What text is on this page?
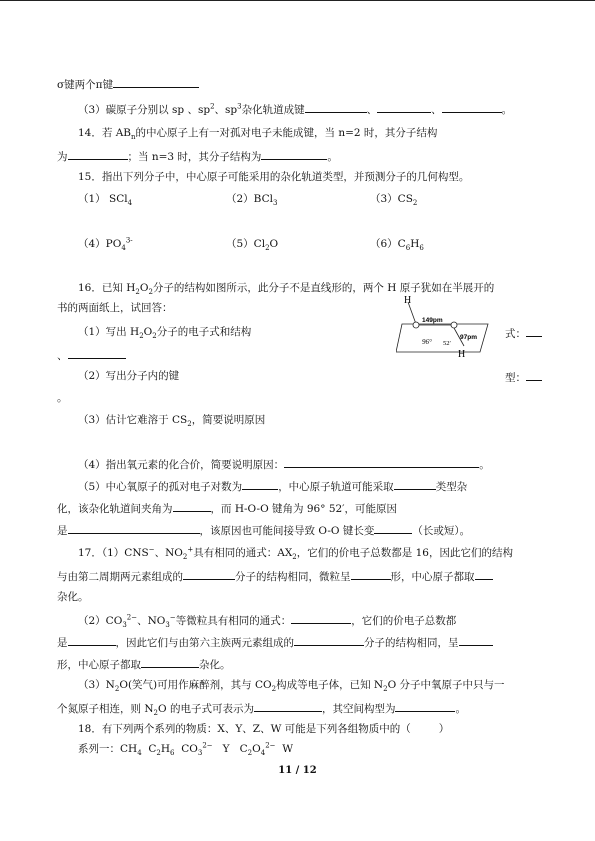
σ键两个π键
（3）碳原子分别以 sp 、$sp^2$、$sp^3$杂化轨道成键	、	、	。
14．若 $AB_n$的中心原子上有一对孤对电子未能成键，当 n=2 时，其分子结构
为	；当 n=3 时，其分子结构为	。
15．指出下列分子中，中心原子可能采用的杂化轨道类型，并预测分子的几何构型。
（1） SCl$_4$	（2）BCl$_3$	$(3)CS_2$
$(4)PO_4^{3-}$	$(5)Cl_2O$	$(6)C_6H_6$
16．已知 $H_2O_2$分子的结构如图所示，此分子不是直线形的，两个 H 原子犹如在半展开的
书的两面纸上，试回答：
H
H
149pm
97pm
96° 52′
（1）写出 $H_2O_2$分子的电子式和结构	式：
、
（2）写出分子内的键	型：
。
（3）估计它难溶于 $CS_2$，简要说明原因
（4）指出氧元素的化合价，简要说明原因：	。
（5）中心氧原子的孤对电子对数为	，中心原子轨道可能采取	类型杂
化，该杂化轨道间夹角为	，而 H-O-O 键角为 96° 52′，可能原因
是	，该原因也可能间接导致 O-O 键长变	（长或短）。
17．（1）CNS−、$NO_2^+$具有相同的通式：$AX_2$，它们的价电子总数都是 16，因此它们的结构
与由第二周期两元素组成的	分子的结构相同，微粒呈	形，中心原子都取
杂化。
$(2)CO_3^{2-}$、$NO_3^-$等微粒具有相同的通式：	，它们的价电子总数都
是	，因此它们与由第六主族两元素组成的	分子的结构相同，呈
形，中心原子都取	杂化。
$(3)N_2O$(笑气)可用作麻醉剂，其与 $CO_2$构成等电子体，已知 $N_2O$ 分子中氧原子中只与一
个氮原子相连，则 $N_2O$ 的电子式可表示为	，其空间构型为	。
18．有下列两个系列的物质：X、Y、Z、W 可能是下列各组物质中的（	）
系列一：$CH_4$ $C_2H_6$ $CO_3^{2-}$ Y $C_2O_4^{2-}$ W
11 / 12
